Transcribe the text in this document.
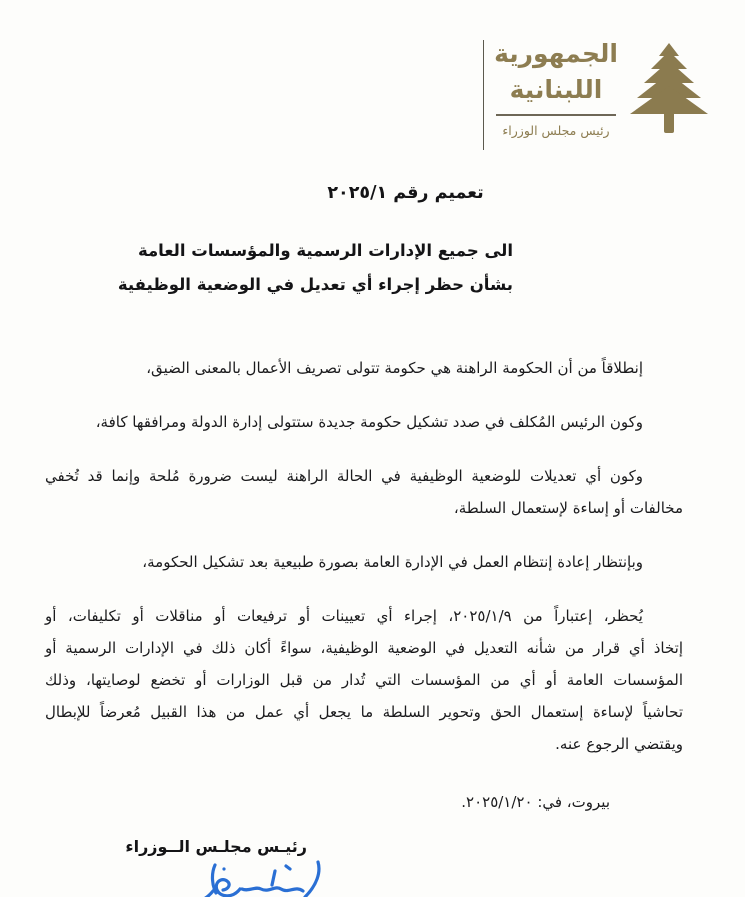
الجمهورية
اللبنانية
رئيس مجلس الوزراء
تعميم رقم ٢٠٢٥/١
الى جميع الإدارات الرسمية والمؤسسات العامة
بشأن حظر إجراء أي تعديل في الوضعية الوظيفية
إنطلاقاً من أن الحكومة الراهنة هي حكومة تتولى تصريف الأعمال بالمعنى الضيق،
وكون الرئيس المُكلف في صدد تشكيل حكومة جديدة ستتولى إدارة الدولة ومرافقها كافة،
وكون أي تعديلات للوضعية الوظيفية في الحالة الراهنة ليست ضرورة مُلحة وإنما قد تُخفي
مخالفات أو إساءة لإستعمال السلطة،
وبإنتظار إعادة إنتظام العمل في الإدارة العامة بصورة طبيعية بعد تشكيل الحكومة،
يُحظر، إعتباراً من ٢٠٢٥/١/٩، إجراء أي تعيينات أو ترفيعات أو مناقلات أو تكليفات، أو
إتخاذ أي قرار من شأنه التعديل في الوضعية الوظيفية، سواءً أكان ذلك في الإدارات الرسمية أو
المؤسسات العامة أو أي من المؤسسات التي تُدار من قبل الوزارات أو تخضع لوصايتها، وذلك
تحاشياً لإساءة إستعمال الحق وتحوير السلطة ما يجعل أي عمل من هذا القبيل مُعرضاً للإبطال
ويقتضي الرجوع عنه.
بيروت، في: ٢٠٢٥/١/٢٠.
رئيـس مجلـس الــوزراء
